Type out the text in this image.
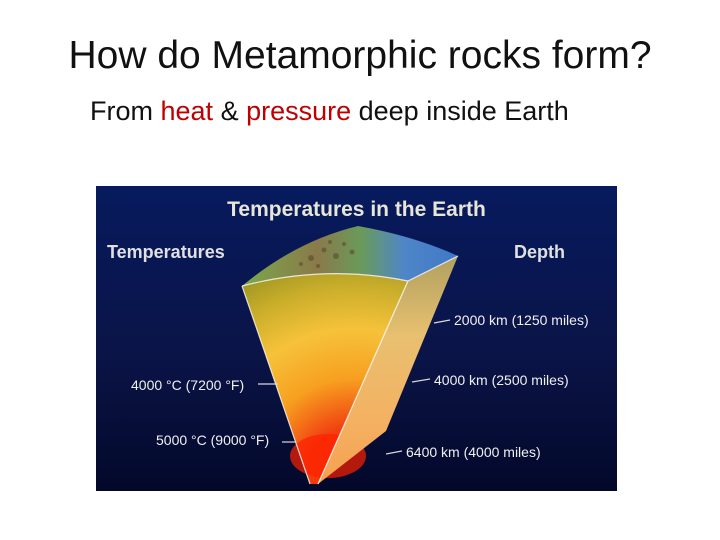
How do Metamorphic rocks form?
From heat & pressure deep inside Earth
Temperatures in the Earth
Temperatures	Depth
2000 km (1250 miles)
4000 km (2500 miles)
6400 km (4000 miles)
4000 °C (7200 °F)
5000 °C (9000 °F)
